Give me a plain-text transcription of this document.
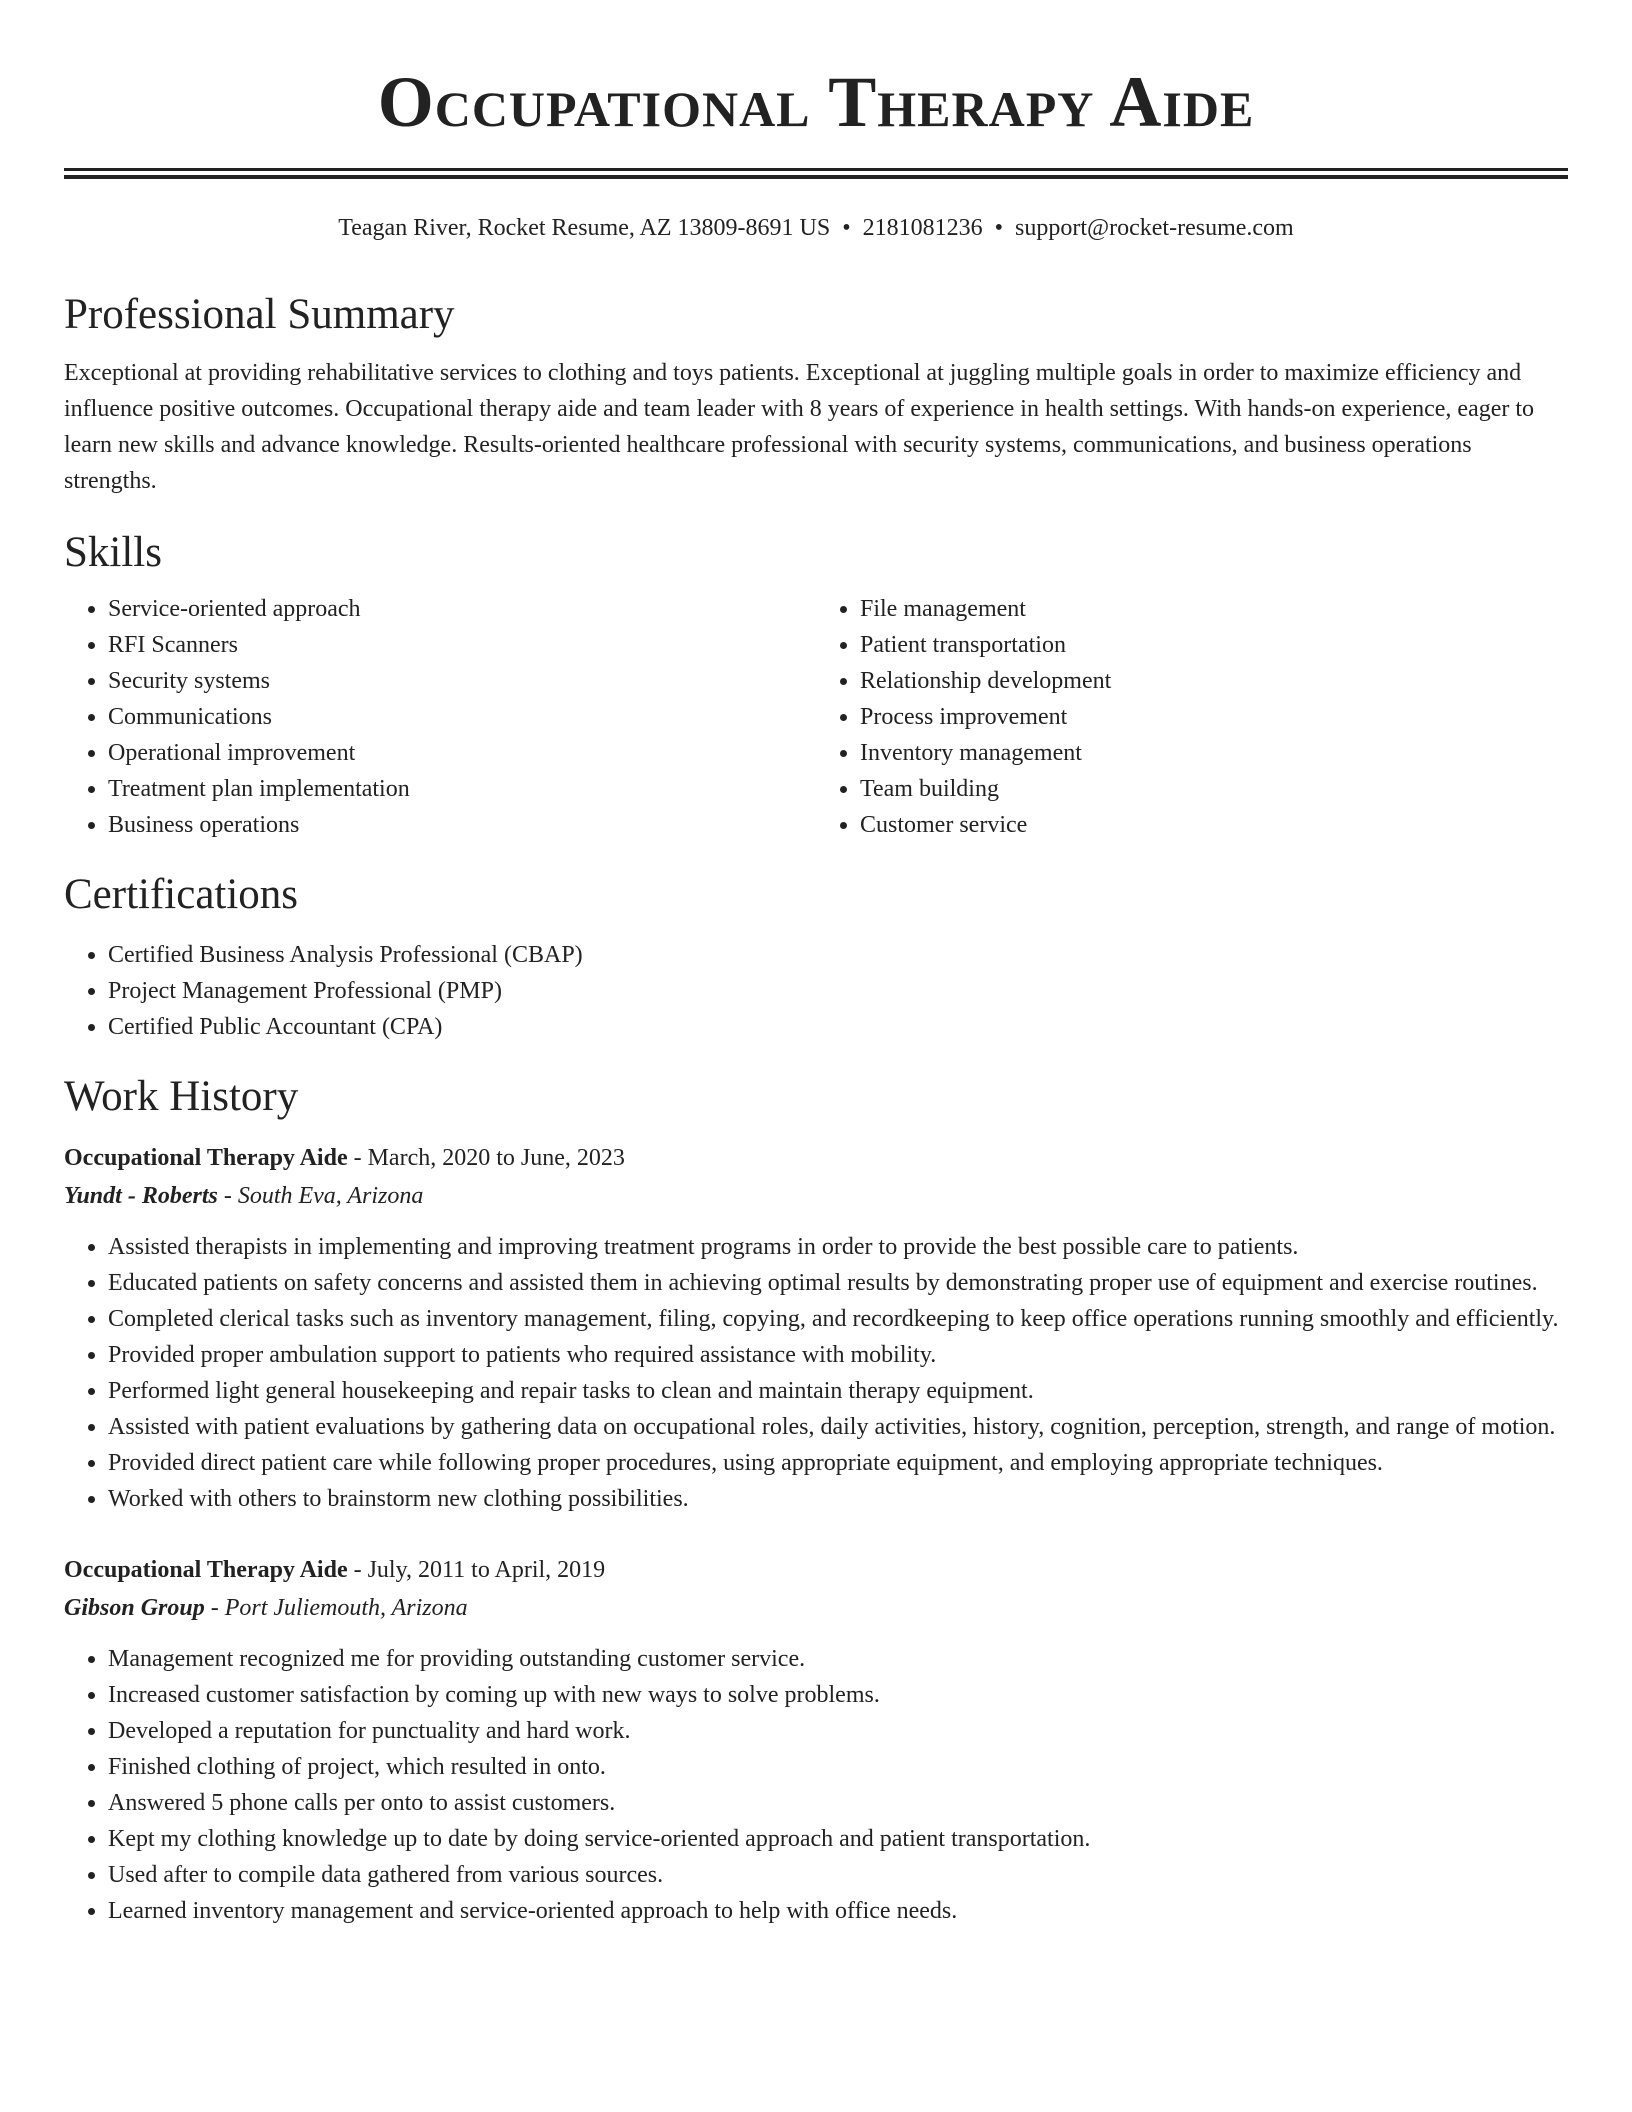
Occupational Therapy Aide
Teagan River, Rocket Resume, AZ 13809-8691 US • 2181081236 • support@rocket-resume.com
Professional Summary

Exceptional at providing rehabilitative services to clothing and toys patients. Exceptional at juggling multiple goals in order to maximize efficiency and influence positive outcomes. Occupational therapy aide and team leader with 8 years of experience in health settings. With hands-on experience, eager to learn new skills and advance knowledge. Results-oriented healthcare professional with security systems, communications, and business operations strengths.

Skills
• Service-oriented approach
• RFI Scanners
• Security systems
• Communications
• Operational improvement
• Treatment plan implementation
• Business operations
• File management
• Patient transportation
• Relationship development
• Process improvement
• Inventory management
• Team building
• Customer service
Certifications
• Certified Business Analysis Professional (CBAP)
• Project Management Professional (PMP)
• Certified Public Accountant (CPA)
Work History
Occupational Therapy Aide - March, 2020 to June, 2023
Yundt - Roberts - South Eva, Arizona
• Assisted therapists in implementing and improving treatment programs in order to provide the best possible care to patients.
• Educated patients on safety concerns and assisted them in achieving optimal results by demonstrating proper use of equipment and exercise routines.
• Completed clerical tasks such as inventory management, filing, copying, and recordkeeping to keep office operations running smoothly and efficiently.
• Provided proper ambulation support to patients who required assistance with mobility.
• Performed light general housekeeping and repair tasks to clean and maintain therapy equipment.
• Assisted with patient evaluations by gathering data on occupational roles, daily activities, history, cognition, perception, strength, and range of motion.
• Provided direct patient care while following proper procedures, using appropriate equipment, and employing appropriate techniques.
• Worked with others to brainstorm new clothing possibilities.
Occupational Therapy Aide - July, 2011 to April, 2019
Gibson Group - Port Juliemouth, Arizona
• Management recognized me for providing outstanding customer service.
• Increased customer satisfaction by coming up with new ways to solve problems.
• Developed a reputation for punctuality and hard work.
• Finished clothing of project, which resulted in onto.
• Answered 5 phone calls per onto to assist customers.
• Kept my clothing knowledge up to date by doing service-oriented approach and patient transportation.
• Used after to compile data gathered from various sources.
• Learned inventory management and service-oriented approach to help with office needs.
